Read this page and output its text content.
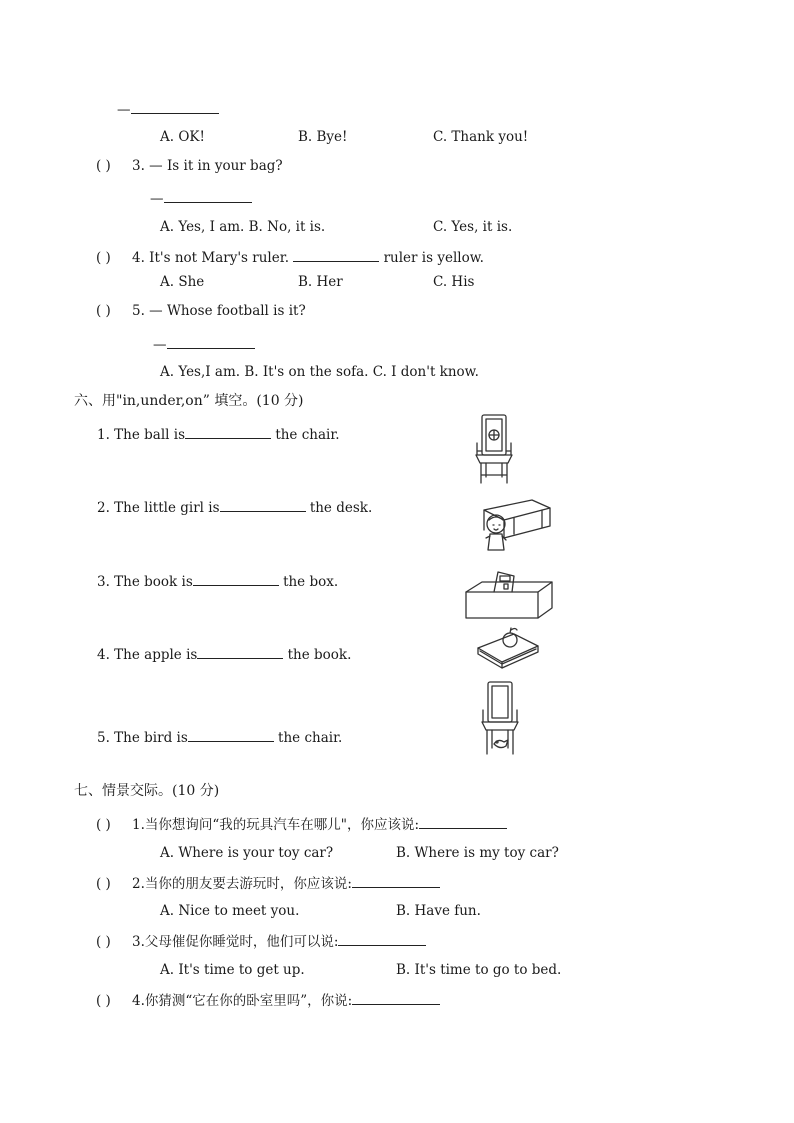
—
A. OK!	B. Bye!	C. Thank you!
( ) 3. — Is it in your bag?
—
A. Yes, I am. B. No, it is.	C. Yes, it is.
( ) 4. It's not Mary's ruler.	ruler is yellow.
A. She	B. Her	C. His
( ) 5. — Whose football is it?
—
A. Yes,I am. B. It's on the sofa. C. I don't know.
六、用"in,under,on” 填空。(10 分)
1. The ball is	the chair.
2. The little girl is	the desk.
3. The book is	the box.
4. The apple is	the book.
5. The bird is	the chair.
七、情景交际。(10 分)
( ) 1.当你想询问“我的玩具汽车在哪儿"，你应该说:
A. Where is your toy car?	B. Where is my toy car?
( ) 2.当你的朋友要去游玩时，你应该说:
A. Nice to meet you.	B. Have fun.
( ) 3.父母催促你睡觉时，他们可以说:
A. It's time to get up.	B. It's time to go to bed.
( ) 4.你猜测“它在你的卧室里吗”，你说:
